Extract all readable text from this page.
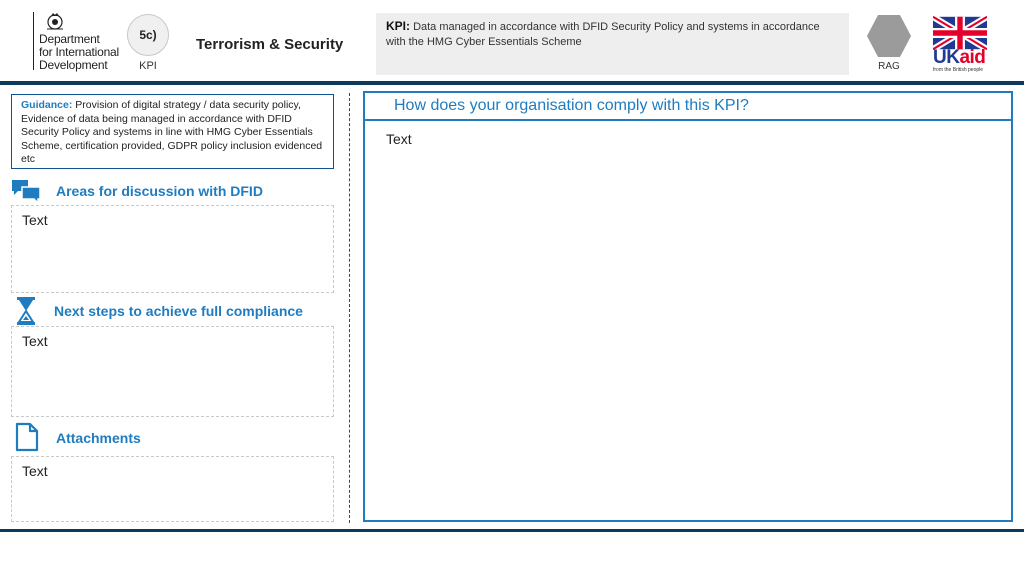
Department
for International
Development
5c)
KPI
Terrorism & Security
KPI: Data managed in accordance with DFID Security Policy and systems in accordance with the HMG Cyber Essentials Scheme
RAG	UKaid
from the British people
Guidance: Provision of digital strategy / data security policy, Evidence of data being managed in accordance with DFID Security Policy and systems in line with HMG Cyber Essentials Scheme, certification provided, GDPR policy inclusion evidenced etc
Areas for discussion with DFID
Text
Next steps to achieve full compliance
Text
Attachments
Text
How does your organisation comply with this KPI?
Text
